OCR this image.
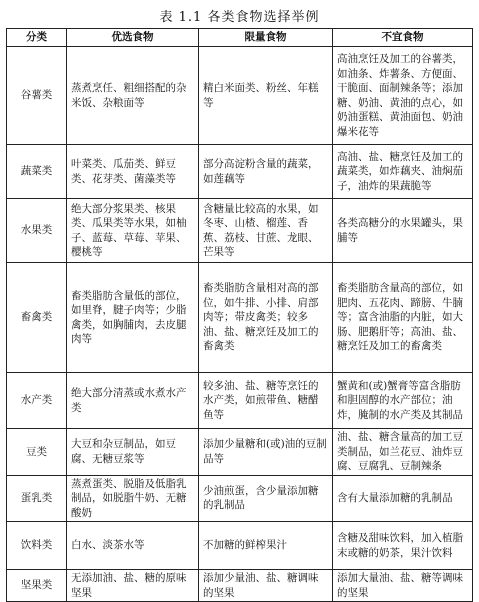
表 1.1 各类食物选择举例
分类	优选食物	限量食物	不宜食物
谷薯类	蒸煮烹任、粗细搭配的杂米饭、杂粮面等	精白米面类、粉丝、年糕等	高油烹饪及加工的谷薯类，如油条、炸薯条、方便面、干脆面、面制辣条等；添加糖、奶油、黄油的点心，如奶油蛋糕、黄油面包、奶油爆米花等
蔬菜类	叶菜类、瓜茄类、鲜豆类、花芽类、菌藻类等	部分高淀粉含量的蔬菜，如莲藕等	高油、盐、糖烹饪及加工的蔬菜类，如炸藕夹、油焖茄子，油炸的果蔬脆等
水果类	绝大部分浆果类、核果类、瓜果类等水果，如柚子、蓝莓、草莓、苹果、樱桃等	含糖量比较高的水果，如冬枣、山楂、榴莲、香蕉、荔枝、甘蔗、龙眼、芒果等	各类高糖分的水果罐头，果脯等
畜禽类	畜类脂肪含量低的部位，如里脊，腱子肉等；少脂禽类，如胸脯肉，去皮腿肉等	畜类脂肪含量相对高的部位，如牛排、小排、肩部肉等；带皮禽类；较多油、盐、糖烹饪及加工的畜禽类	畜类脂肪含量高的部位，如肥肉、五花肉、蹄膀、牛腩等；富含油脂的内脏，如大肠、肥鹅肝等；高油、盐、糖烹饪及加工的畜禽类
水产类	绝大部分清蒸或水煮水产类	较多油、盐、糖等烹饪的水产类，如煎带鱼、糖醋鱼等	蟹黄和(或)蟹膏等富含脂肪和胆固醇的水产部位；油炸，腌制的水产类及其制品
豆类	大豆和杂豆制品，如豆腐、无糖豆浆等	添加少量糖和(或)油的豆制品等	油、盐、糖含量高的加工豆类制品，如兰花豆、油炸豆腐、豆腐乳、豆制辣条
蛋乳类	蒸煮蛋类、脱脂及低脂乳制品，如脱脂牛奶、无糖酸奶	少油煎蛋，含少量添加糖的乳制品	含有大量添加糖的乳制品
饮料类	白水、淡茶水等	不加糖的鲜榨果汁	含糖及甜味饮料，加入植脂末或糖的奶茶，果汁饮料
坚果类	无添加油、盐、糖的原味坚果	添加少量油、盐、糖调味的坚果	添加大量油、盐、糖等调味的坚果
